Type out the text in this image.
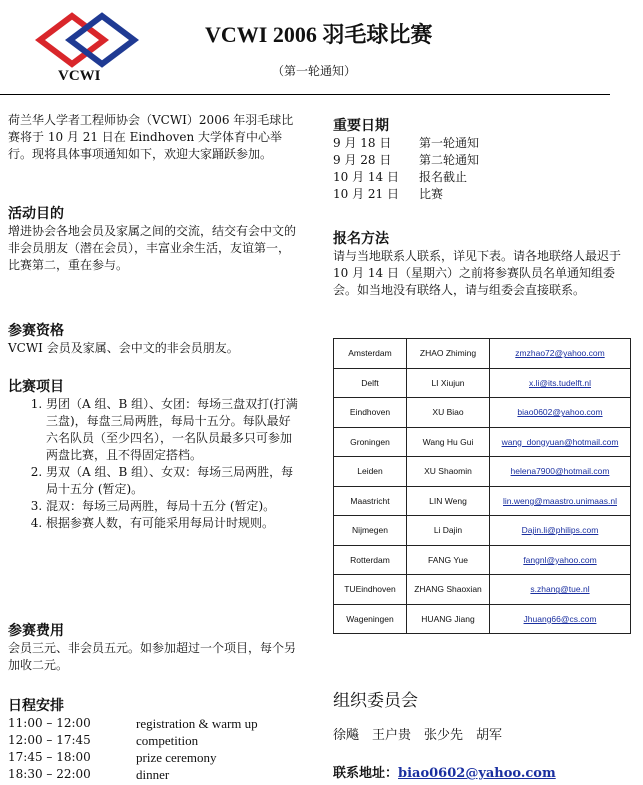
VCWI
VCWI 2006 羽毛球比赛
（第一轮通知）

荷兰华人学者工程师协会（VCWI）2006 年羽毛球比赛将于 10 月 21 日在 Eindhoven 大学体育中心举行。现将具体事项通知如下，欢迎大家踊跃参加。

活动目的

增进协会各地会员及家属之间的交流，结交有会中文的非会员朋友（潜在会员），丰富业余生活，友谊第一，比赛第二，重在参与。

参赛资格

VCWI 会员及家属、会中文的非会员朋友。

比赛项目

1. 男团（A 组、B 组）、女团：每场三盘双打(打满三盘)，每盘三局两胜，每局十五分。每队最好六名队员（至少四名），一名队员最多只可参加两盘比赛，且不得固定搭档。
2. 男双（A 组、B 组）、女双：每场三局两胜，每局十五分 (暂定)。
3. 混双：每场三局两胜，每局十五分 (暂定)。
4. 根据参赛人数，有可能采用每局计时规则。

参赛费用

会员三元、非会员五元。如参加超过一个项目，每个另加收二元。

日程安排

11:00 – 12:00	registration & warm up
12:00 – 17:45	competition
17:45 – 18:00	prize ceremony
18:30 – 22:00	dinner

重要日期

9 月 18 日	第一轮通知
9 月 28 日	第二轮通知
10 月 14 日	报名截止
10 月 21 日	比赛

报名方法

请与当地联系人联系，详见下表。请各地联络人最迟于 10 月 14 日（星期六）之前将参赛队员名单通知组委会。如当地没有联络人，请与组委会直接联系。

Amsterdam	ZHAO Zhiming	zmzhao72@yahoo.com
Delft	LI Xiujun	x.li@its.tudelft.nl
Eindhoven	XU Biao	biao0602@yahoo.com
Groningen	Wang Hu Gui	wang_dongyuan@hotmail.com
Leiden	XU Shaomin	helena7900@hotmail.com
Maastricht	LIN Weng	lin.weng@maastro.unimaas.nl
Nijmegen	Li Dajin	Dajin.li@philips.com
Rotterdam	FANG Yue	fangnl@yahoo.com
TUEindhoven	ZHANG Shaoxian	s.zhang@tue.nl
Wageningen	HUANG Jiang	Jhuang66@cs.com
组织委员会
徐飚　王户贵　张少先　胡军
联系地址：biao0602@yahoo.com
